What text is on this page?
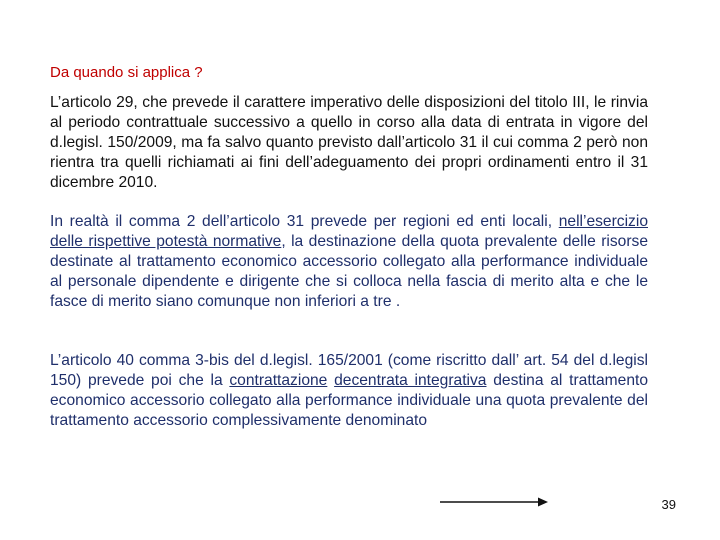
Da quando si applica ?

L’articolo 29, che prevede il carattere imperativo delle disposizioni del titolo III, le rinvia al periodo contrattuale successivo a quello in corso alla data di entrata in vigore del d.legisl. 150/2009, ma fa salvo quanto previsto dall’articolo 31 il cui comma 2 però non rientra tra quelli richiamati ai fini dell’adeguamento dei propri ordinamenti entro il 31 dicembre 2010.

In realtà il comma 2 dell’articolo 31 prevede per regioni ed enti locali, nell’esercizio delle rispettive potestà normative, la destinazione della quota prevalente delle risorse destinate al trattamento economico accessorio collegato alla performance individuale al personale dipendente e dirigente che si colloca nella fascia di merito alta e che le fasce di merito siano comunque non inferiori a tre .

L’articolo 40 comma 3-bis del d.legisl. 165/2001 (come riscritto dall’ art. 54 del d.legisl 150) prevede poi che la contrattazione decentrata integrativa destina al trattamento economico accessorio collegato alla performance individuale una quota prevalente del trattamento accessorio complessivamente denominato

39
